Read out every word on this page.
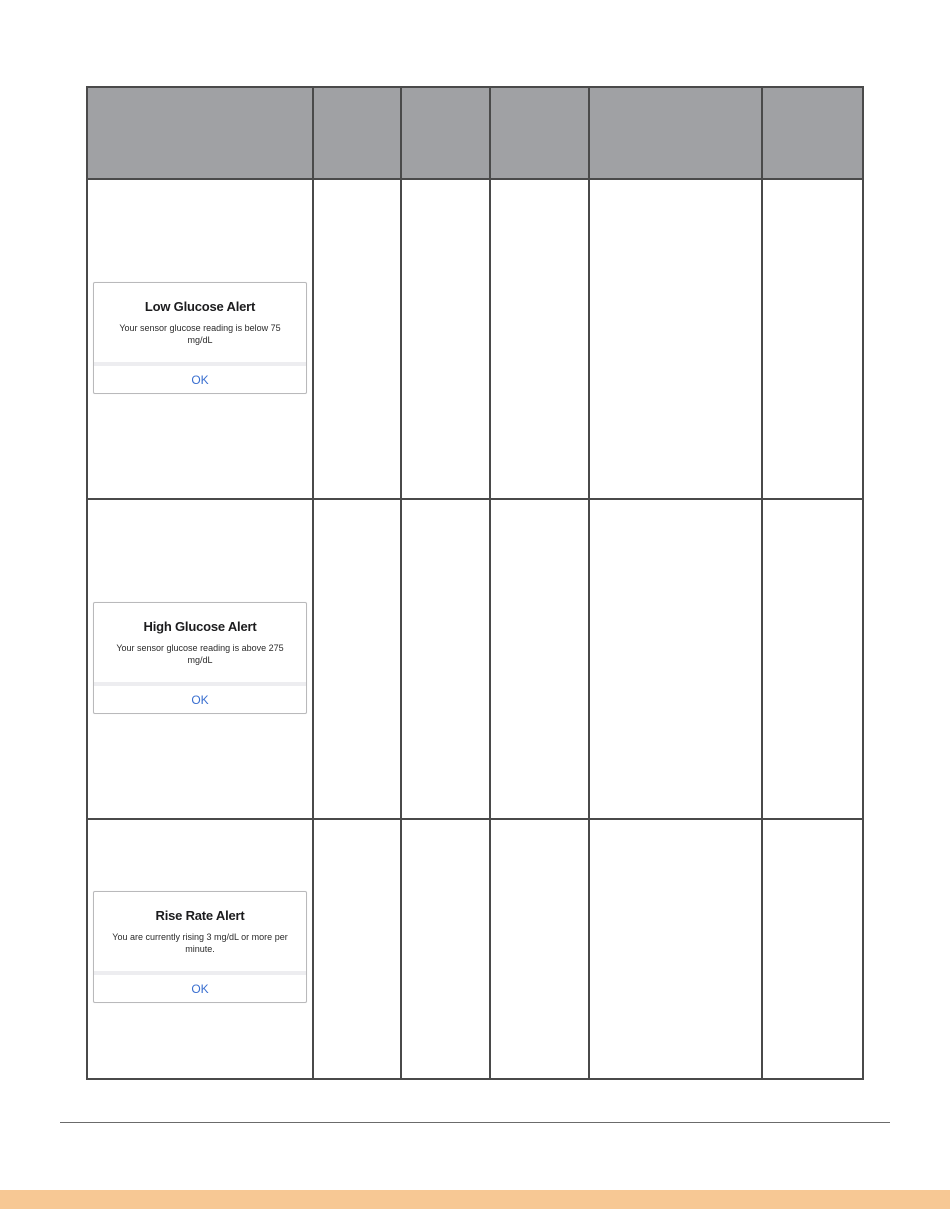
Low Glucose Alert
Your sensor glucose reading is below 75 mg/dL
OK
High Glucose Alert
Your sensor glucose reading is above 275 mg/dL
OK
Rise Rate Alert
You are currently rising 3 mg/dL or more per minute.
OK
